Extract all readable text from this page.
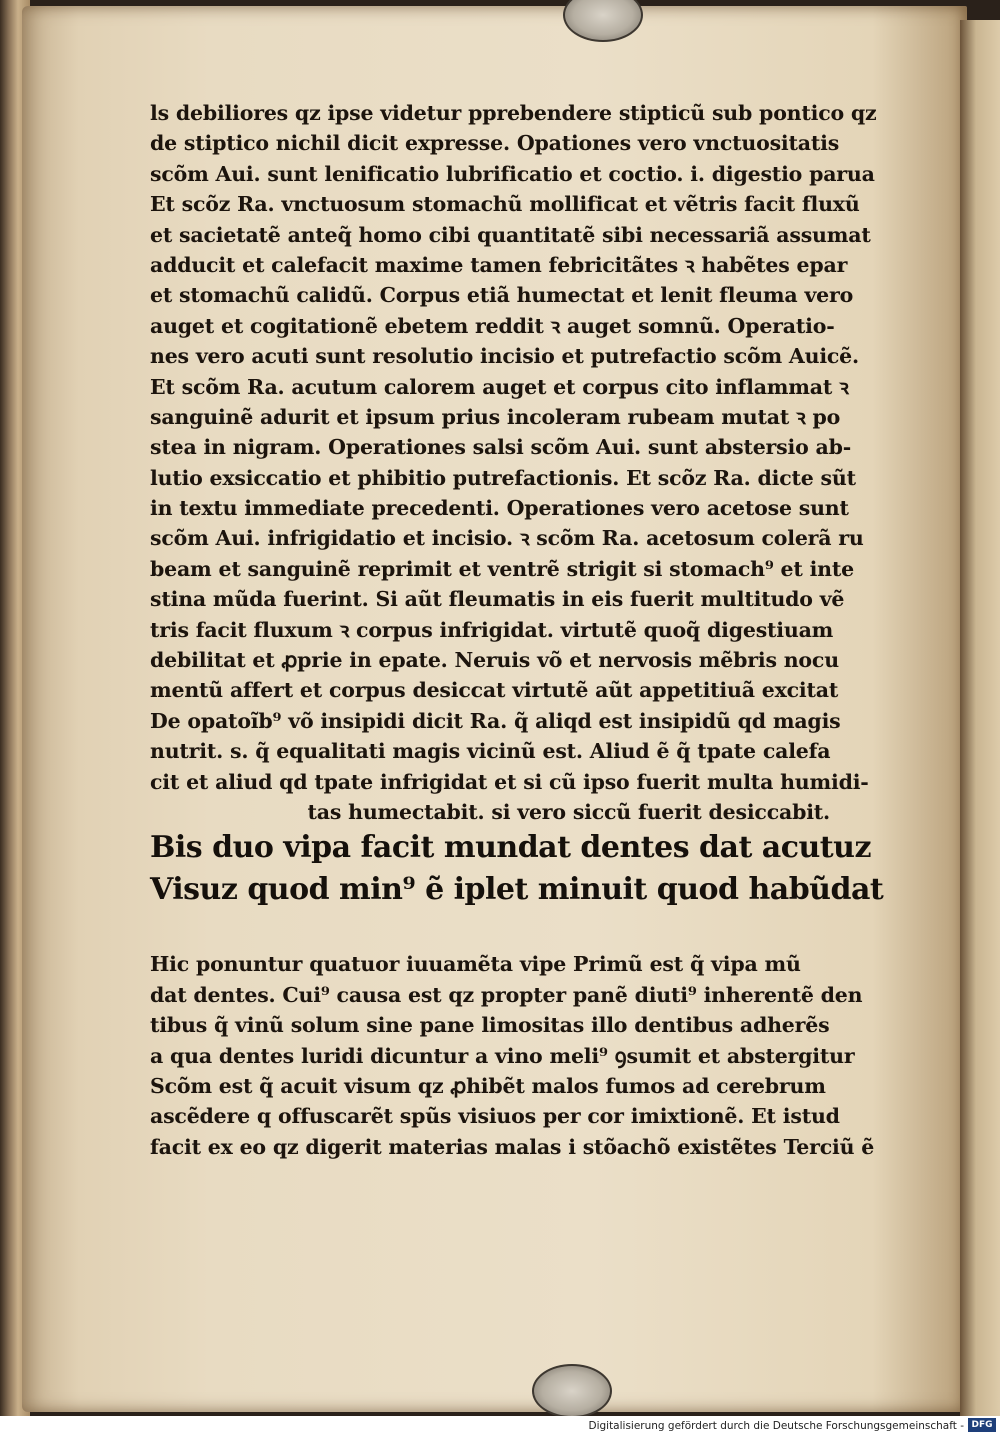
ls debiliores qz ipse videtur pprebendere stipticũ sub pontico qz
de stiptico nichil dicit expresse. Opationes vero vnctuositatis
scõm Aui. sunt lenificatio lubrificatio et coctio. i. digestio parua
Et scõz Ra. vnctuosum stomachũ mollificat et vẽtris facit fluxũ
et sacietatẽ anteq̃ homo cibi quantitatẽ sibi necessariã assumat
adducit et calefacit maxime tamen febricitãtes ꝛ habẽtes epar
et stomachũ calidũ. Corpus etiã humectat et lenit fleuma vero
auget et cogitationẽ ebetem reddit ꝛ auget somnũ. Operatio-
nes vero acuti sunt resolutio incisio et putrefactio scõm Auicẽ.
Et scõm Ra. acutum calorem auget et corpus cito inflammat ꝛ
sanguinẽ adurit et ipsum prius incoleram rubeam mutat ꝛ po
stea in nigram. Operationes salsi scõm Aui. sunt abstersio ab-
lutio exsiccatio et phibitio putrefactionis. Et scõz Ra. dicte sũt
in textu immediate precedenti. Operationes vero acetose sunt
scõm Aui. infrigidatio et incisio. ꝛ scõm Ra. acetosum colerã ru
beam et sanguinẽ reprimit et ventrẽ strigit si stomach⁹ et inte
stina mũda fuerint. Si aũt fleumatis in eis fuerit multitudo vẽ
tris facit fluxum ꝛ corpus infrigidat. virtutẽ quoq̃ digestiuam
debilitat et ꝓprie in epate. Neruis võ et nervosis mẽbris nocu
mentũ affert et corpus desiccat virtutẽ aũt appetitiuã excitat
De opatoĩb⁹ võ insipidi dicit Ra. q̃ aliqd est insipidũ qd magis
nutrit. s. q̃ equalitati magis vicinũ est. Aliud ẽ q̃ tpate calefa
cit et aliud qd tpate infrigidat et si cũ ipso fuerit multa humidi-
tas humectabit. si vero siccũ fuerit desiccabit.
Bis duo vipa facit mundat dentes dat acutuz
Visuz quod min⁹ ẽ iplet minuit quod habũdat
Hic ponuntur quatuor iuuamẽta vipe Primũ est q̃ vipa mũ
dat dentes. Cui⁹ causa est qz propter panẽ diuti⁹ inherentẽ den
tibus q̃ vinũ solum sine pane limositas illo dentibus adherẽs
a qua dentes luridi dicuntur a vino meli⁹ ꝯsumit et abstergitur
Scõm est q̃ acuit visum qz ꝓhibẽt malos fumos ad cerebrum
ascẽdere q offuscarẽt spũs visiuos per cor imixtionẽ. Et istud
facit ex eo qz digerit materias malas i stõachõ existẽtes Terciũ ẽ
Digitalisierung gefördert durch die Deutsche Forschungsgemeinschaft - DFG
